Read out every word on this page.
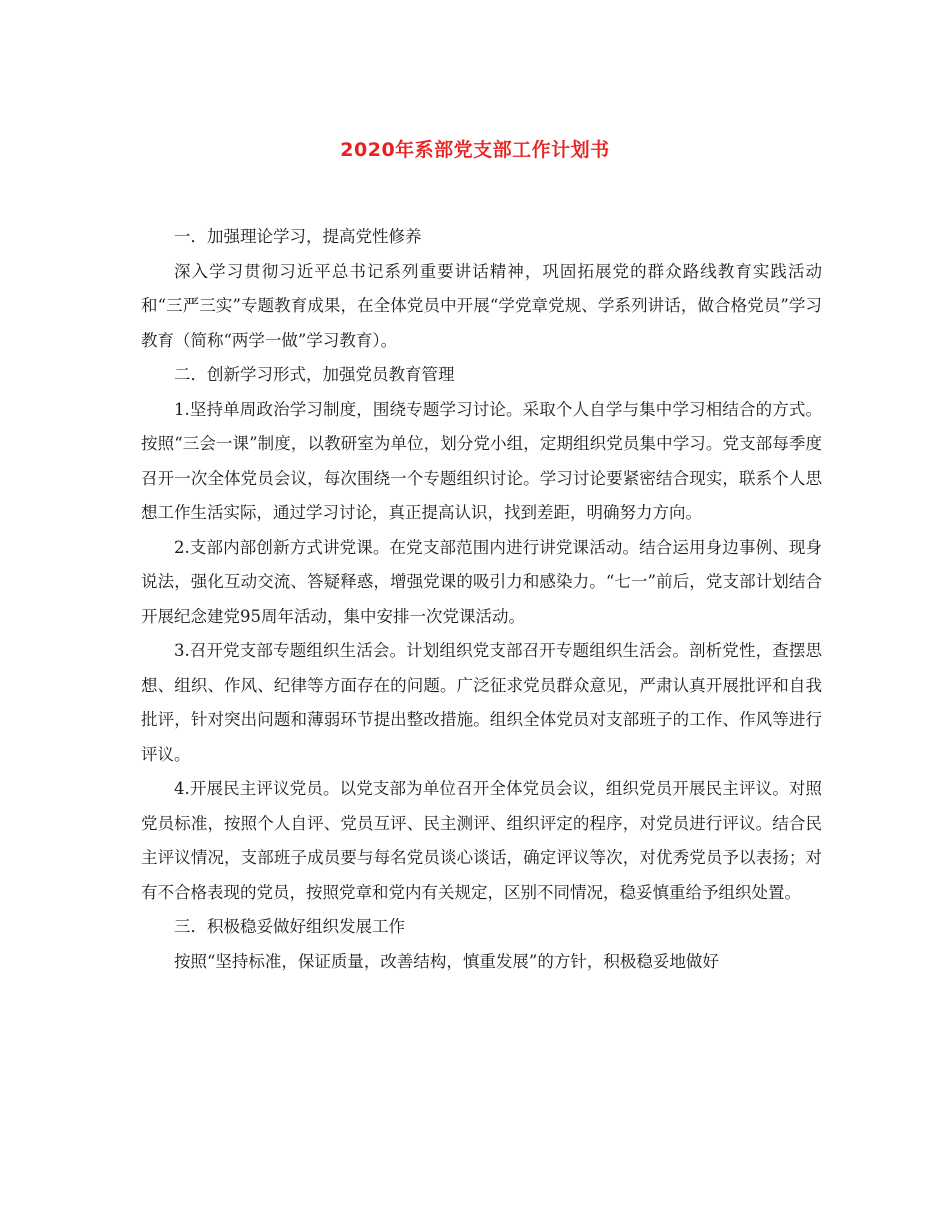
2020年系部党支部工作计划书

一．加强理论学习，提高党性修养

深入学习贯彻习近平总书记系列重要讲话精神，巩固拓展党的群众路线教育实践活动和“三严三实”专题教育成果，在全体党员中开展“学党章党规、学系列讲话，做合格党员”学习教育（简称“两学一做”学习教育）。

二．创新学习形式，加强党员教育管理

1.坚持单周政治学习制度，围绕专题学习讨论。采取个人自学与集中学习相结合的方式。按照“三会一课”制度，以教研室为单位，划分党小组，定期组织党员集中学习。党支部每季度召开一次全体党员会议，每次围绕一个专题组织讨论。学习讨论要紧密结合现实，联系个人思想工作生活实际，通过学习讨论，真正提高认识，找到差距，明确努力方向。

2.支部内部创新方式讲党课。在党支部范围内进行讲党课活动。结合运用身边事例、现身说法，强化互动交流、答疑释惑，增强党课的吸引力和感染力。“七一”前后，党支部计划结合开展纪念建党95周年活动，集中安排一次党课活动。

3.召开党支部专题组织生活会。计划组织党支部召开专题组织生活会。剖析党性，查摆思想、组织、作风、纪律等方面存在的问题。广泛征求党员群众意见，严肃认真开展批评和自我批评，针对突出问题和薄弱环节提出整改措施。组织全体党员对支部班子的工作、作风等进行评议。

4.开展民主评议党员。以党支部为单位召开全体党员会议，组织党员开展民主评议。对照党员标准，按照个人自评、党员互评、民主测评、组织评定的程序，对党员进行评议。结合民主评议情况，支部班子成员要与每名党员谈心谈话，确定评议等次，对优秀党员予以表扬；对有不合格表现的党员，按照党章和党内有关规定，区别不同情况，稳妥慎重给予组织处置。

三．积极稳妥做好组织发展工作

按照“坚持标准，保证质量，改善结构，慎重发展”的方针，积极稳妥地做好
